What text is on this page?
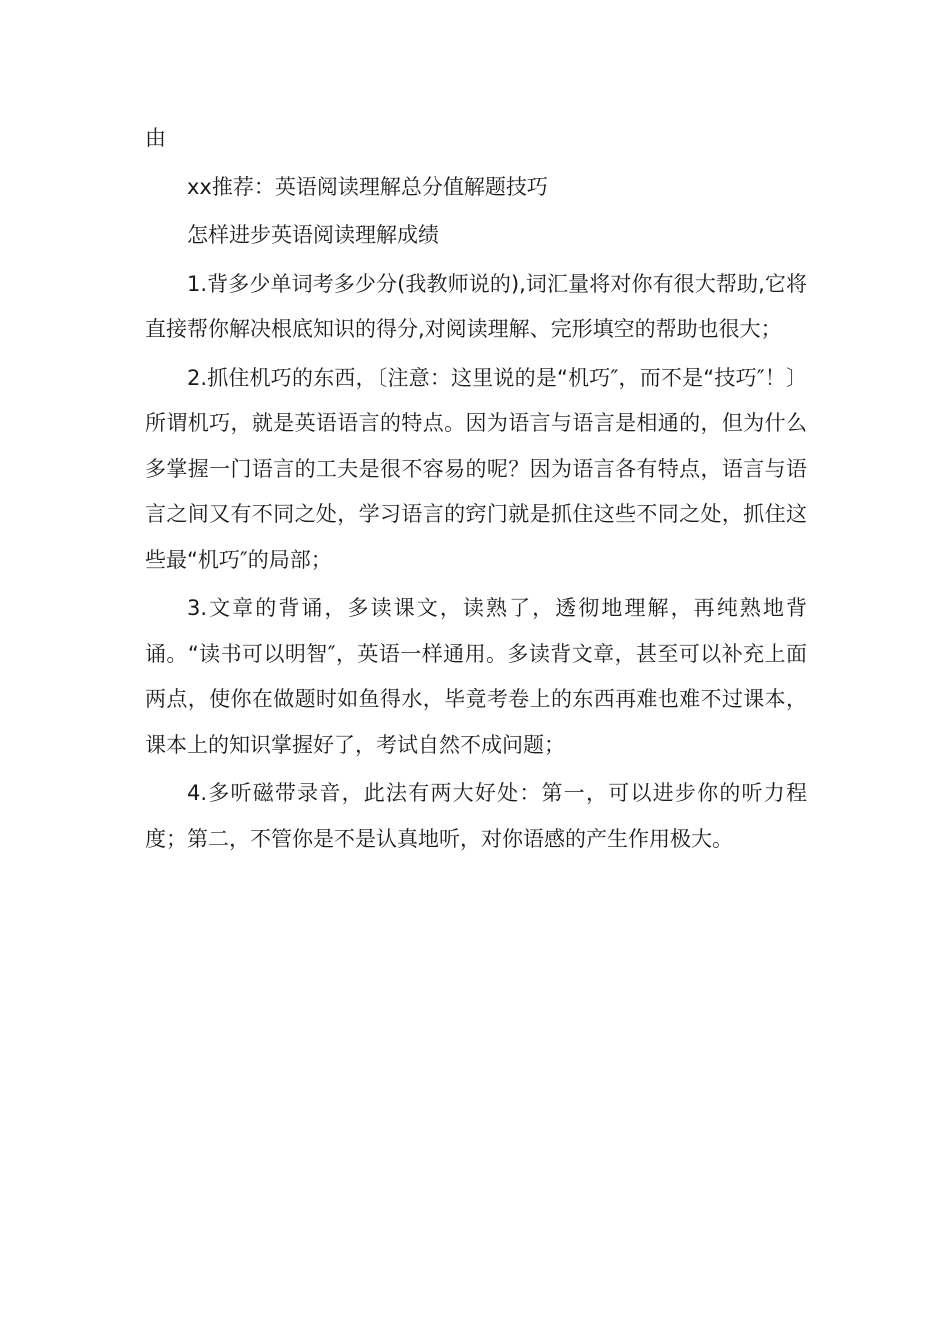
由

xx推荐：英语阅读理解总分值解题技巧

怎样进步英语阅读理解成绩

1.背多少单词考多少分(我教师说的),词汇量将对你有很大帮助,它将直接帮你解决根底知识的得分,对阅读理解、完形填空的帮助也很大；

2.抓住机巧的东西，〔注意：这里说的是“机巧″，而不是“技巧″！〕所谓机巧，就是英语语言的特点。因为语言与语言是相通的，但为什么多掌握一门语言的工夫是很不容易的呢？因为语言各有特点，语言与语言之间又有不同之处，学习语言的窍门就是抓住这些不同之处，抓住这些最“机巧″的局部；

3.文章的背诵，多读课文，读熟了，透彻地理解，再纯熟地背诵。“读书可以明智″，英语一样通用。多读背文章，甚至可以补充上面两点，使你在做题时如鱼得水，毕竟考卷上的东西再难也难不过课本，课本上的知识掌握好了，考试自然不成问题；

4.多听磁带录音，此法有两大好处：第一，可以进步你的听力程度；第二，不管你是不是认真地听，对你语感的产生作用极大。
